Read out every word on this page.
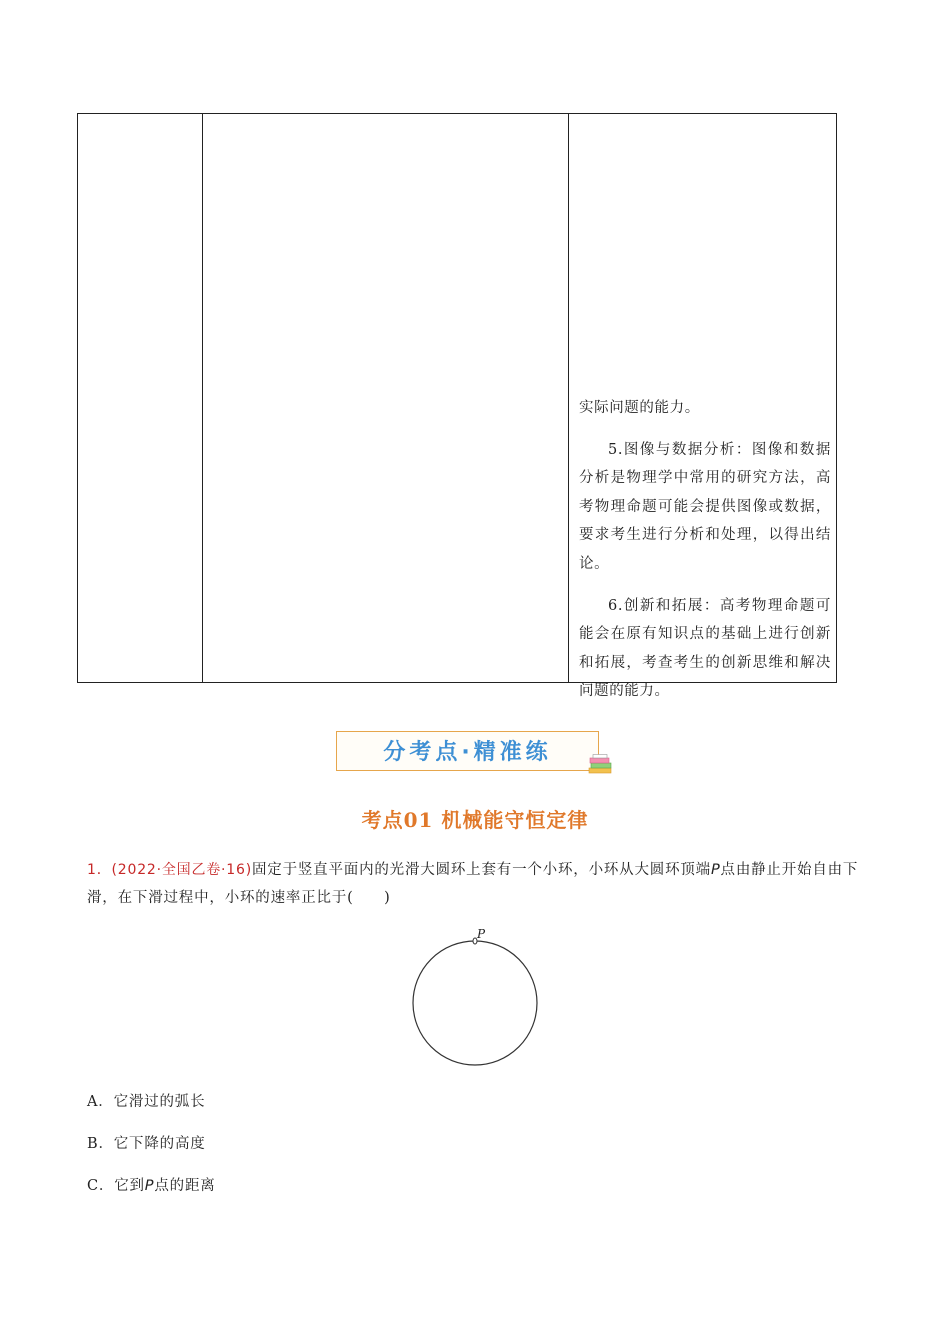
实际问题的能力。

5.图像与数据分析：图像和数据分析是物理学中常用的研究方法，高考物理命题可能会提供图像或数据，要求考生进行分析和处理，以得出结论。

6.创新和拓展：高考物理命题可能会在原有知识点的基础上进行创新和拓展，考查考生的创新思维和解决问题的能力。

分考点·精准练
考点01 机械能守恒定律
1．(2022·全国乙卷·16)固定于竖直平面内的光滑大圆环上套有一个小环，小环从大圆环顶端P点由静止开始自由下滑，在下滑过程中，小环的速率正比于(　　)
P
A．它滑过的弧长
B．它下降的高度
C．它到P点的距离
